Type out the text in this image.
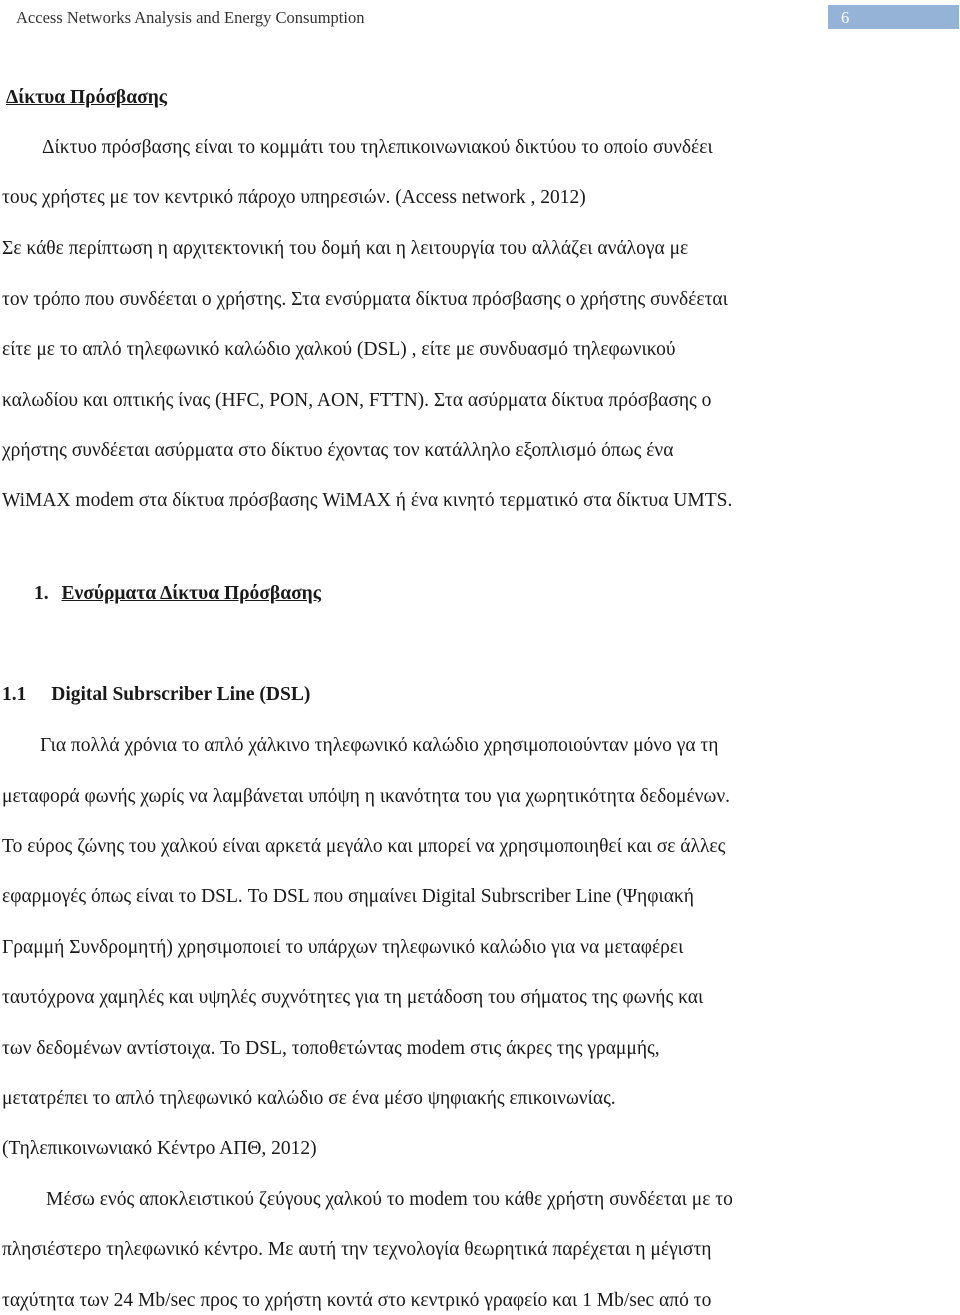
Access Networks Analysis and Energy Consumption	6
Δίκτυα Πρόσβασης
Δίκτυο πρόσβασης είναι το κομμάτι του τηλεπικοινωνιακού δικτύου το οποίο συνδέει
τους χρήστες με τον κεντρικό πάροχο υπηρεσιών. (Access network , 2012)
Σε κάθε περίπτωση η αρχιτεκτονική του δομή και η λειτουργία του αλλάζει ανάλογα με
τον τρόπο που συνδέεται ο χρήστης. Στα ενσύρματα δίκτυα πρόσβασης ο χρήστης συνδέεται
είτε με το απλό τηλεφωνικό καλώδιο χαλκού (DSL) , είτε με συνδυασμό τηλεφωνικού
καλωδίου και οπτικής ίνας (HFC, PON, AON, FTTN). Στα ασύρματα δίκτυα πρόσβασης ο
χρήστης συνδέεται ασύρματα στο δίκτυο έχοντας τον κατάλληλο εξοπλισμό όπως ένα
WiMAX modem στα δίκτυα πρόσβασης WiMAX ή ένα κινητό τερματικό στα δίκτυα UMTS.
1. Ενσύρματα Δίκτυα Πρόσβασης
1.1 Digital Subrscriber Line (DSL)
Για πολλά χρόνια το απλό χάλκινο τηλεφωνικό καλώδιο χρησιμοποιούνταν μόνο γα τη
μεταφορά φωνής χωρίς να λαμβάνεται υπόψη η ικανότητα του για χωρητικότητα δεδομένων.
Το εύρος ζώνης του χαλκού είναι αρκετά μεγάλο και μπορεί να χρησιμοποιηθεί και σε άλλες
εφαρμογές όπως είναι το DSL. Το DSL που σημαίνει Digital Subrscriber Line (Ψηφιακή
Γραμμή Συνδρομητή) χρησιμοποιεί το υπάρχων τηλεφωνικό καλώδιο για να μεταφέρει
ταυτόχρονα χαμηλές και υψηλές συχνότητες για τη μετάδοση του σήματος της φωνής και
των δεδομένων αντίστοιχα. Το DSL, τοποθετώντας modem στις άκρες της γραμμής,
μετατρέπει το απλό τηλεφωνικό καλώδιο σε ένα μέσο ψηφιακής επικοινωνίας.
(Τηλεπικοινωνιακό Κέντρο ΑΠΘ, 2012)
Μέσω ενός αποκλειστικού ζεύγους χαλκού το modem του κάθε χρήστη συνδέεται με το
πλησιέστερο τηλεφωνικό κέντρο. Με αυτή την τεχνολογία θεωρητικά παρέχεται η μέγιστη
ταχύτητα των 24 Mb/sec προς το χρήστη κοντά στο κεντρικό γραφείο και 1 Mb/sec από το
